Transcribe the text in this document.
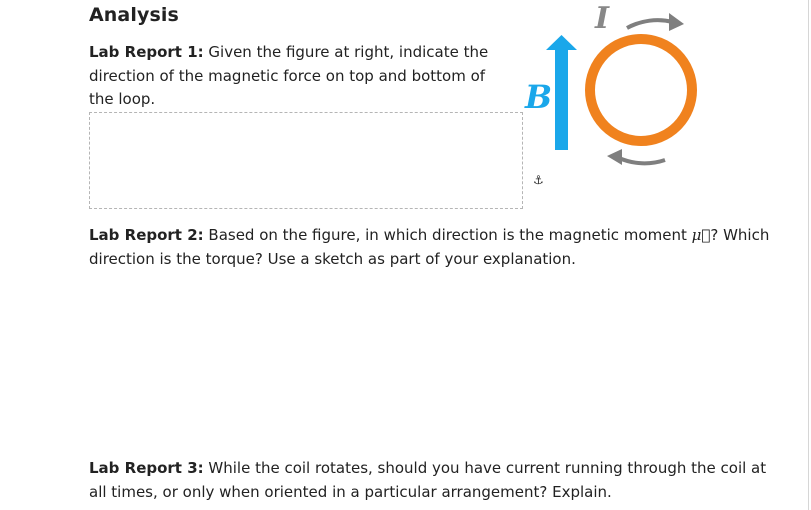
Analysis

Lab Report 1: Given the figure at right, indicate the direction of the magnetic force on top and bottom of the loop.

⚓
B
I

Lab Report 2: Based on the figure, in which direction is the magnetic moment μ⃗? Which direction is the torque? Use a sketch as part of your explanation.

Lab Report 3: While the coil rotates, should you have current running through the coil at all times, or only when oriented in a particular arrangement? Explain.
